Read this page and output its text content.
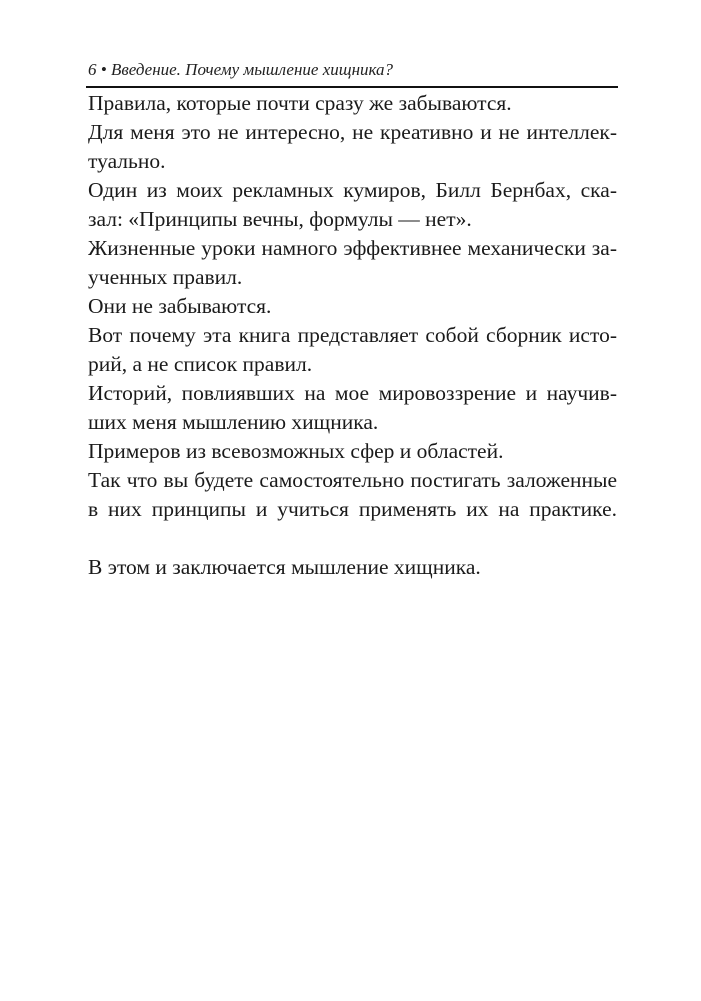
6 • Введение. Почему мышление хищника?
Правила, которые почти сразу же забываются.
Для меня это не интересно, не креативно и не интеллек-
туально.
Один из моих рекламных кумиров, Билл Бернбах, ска-
зал: «Принципы вечны, формулы — нет».
Жизненные уроки намного эффективнее механически за-
ученных правил.
Они не забываются.
Вот почему эта книга представляет собой сборник исто-
рий, а не список правил.
Историй, повлиявших на мое мировоззрение и научив-
ших меня мышлению хищника.
Примеров из всевозможных сфер и областей.
Так что вы будете самостоятельно постигать заложенные
в них принципы и учиться применять их на практике.
В этом и заключается мышление хищника.
